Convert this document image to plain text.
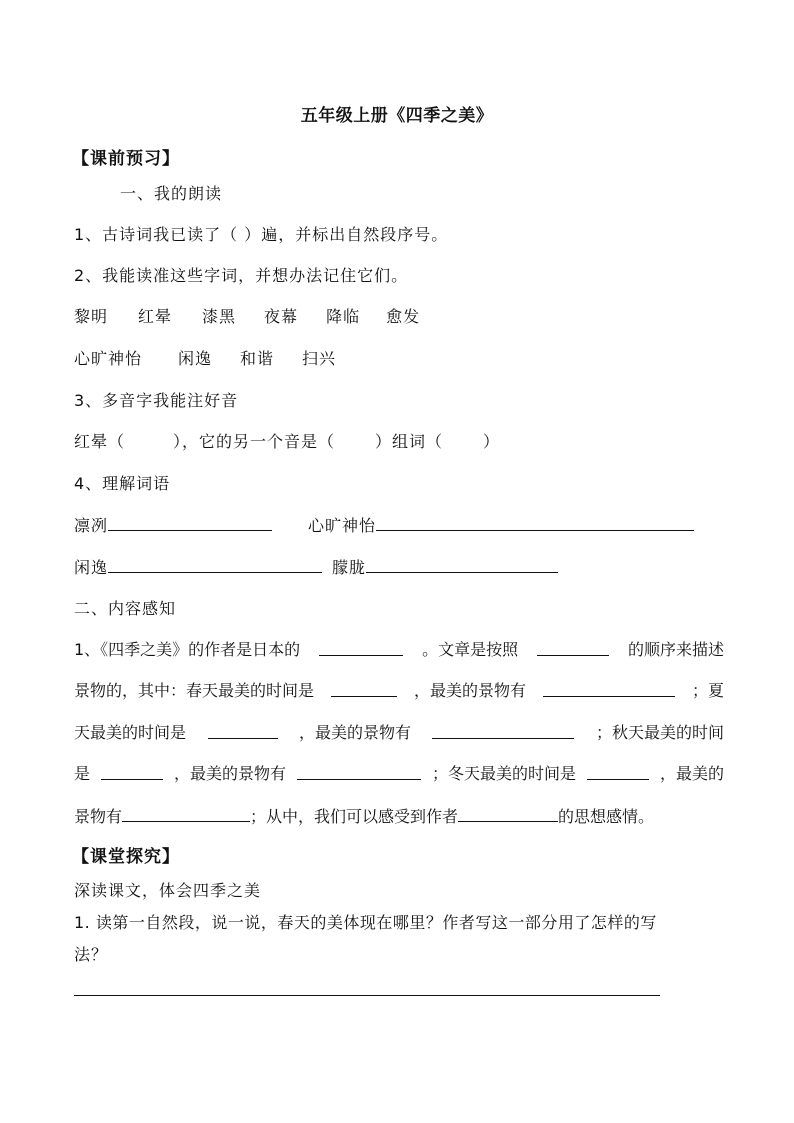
五年级上册《四季之美》
【课前预习】
一、我的朗读
1、古诗词我已读了（ ）遍，并标出自然段序号。
2、我能读准这些字词，并想办法记住它们。
黎明 红晕 漆黑 夜幕 降临 愈发
心旷神怡 闲逸 和谐 扫兴
3、多音字我能注好音
红晕（	），它的另一个音是（	）组词（	）
4、理解词语
凛冽	心旷神怡
闲逸	朦胧
二、内容感知
1、《四季之美》的作者是日本的	。文章是按照	的顺序来描述
景物的，其中：春天最美的时间是	，最美的景物有	；夏
天最美的时间是	，最美的景物有	；秋天最美的时间
是	，最美的景物有	；冬天最美的时间是	，最美的
景物有	；从中，我们可以感受到作者	的思想感情。
【课堂探究】
深读课文，体会四季之美
1. 读第一自然段，说一说，春天的美体现在哪里？作者写这一部分用了怎样的写
法？
